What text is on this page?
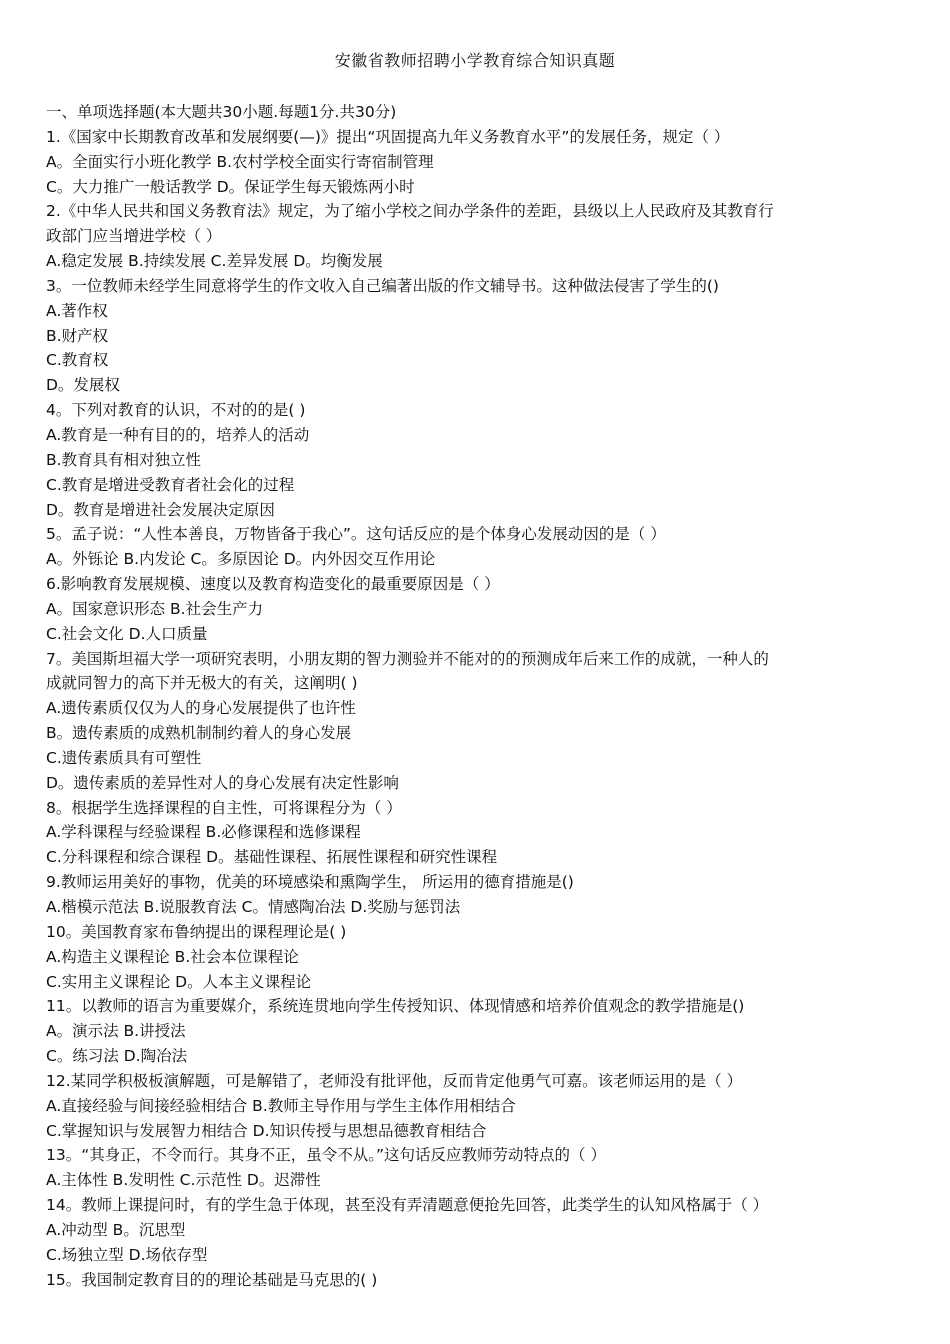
安徽省教师招聘小学教育综合知识真题
一、单项选择题(本大题共30小题.每题1分.共30分)
1.《国家中长期教育改革和发展纲要(—)》提出“巩固提高九年义务教育水平”的发展任务，规定（ ）
A。全面实行小班化教学 B.农村学校全面实行寄宿制管理
C。大力推广一般话教学 D。保证学生每天锻炼两小时
2.《中华人民共和国义务教育法》规定，为了缩小学校之间办学条件的差距，县级以上人民政府及其教育行
政部门应当增进学校（ ）
A.稳定发展 B.持续发展 C.差异发展 D。均衡发展
3。一位教师未经学生同意将学生的作文收入自己编著出版的作文辅导书。这种做法侵害了学生的()
A.著作权
B.财产权
C.教育权
D。发展权
4。下列对教育的认识，不对的的是( )
A.教育是一种有目的的，培养人的活动
B.教育具有相对独立性
C.教育是增进受教育者社会化的过程
D。教育是增进社会发展决定原因
5。孟子说：“人性本善良，万物皆备于我心”。这句话反应的是个体身心发展动因的是（ ）
A。外铄论 B.内发论 C。多原因论 D。内外因交互作用论
6.影响教育发展规模、速度以及教育构造变化的最重要原因是（ ）
A。国家意识形态 B.社会生产力
C.社会文化 D.人口质量
7。美国斯坦福大学一项研究表明，小朋友期的智力测验并不能对的的预测成年后来工作的成就，一种人的
成就同智力的高下并无极大的有关，这阐明( )
A.遗传素质仅仅为人的身心发展提供了也许性
B。遗传素质的成熟机制制约着人的身心发展
C.遗传素质具有可塑性
D。遗传素质的差异性对人的身心发展有决定性影响
8。根据学生选择课程的自主性，可将课程分为（ ）
A.学科课程与经验课程 B.必修课程和选修课程
C.分科课程和综合课程 D。基础性课程、拓展性课程和研究性课程
9.教师运用美好的事物，优美的环境感染和熏陶学生， 所运用的德育措施是()
A.楷模示范法 B.说服教育法 C。情感陶冶法 D.奖励与惩罚法
10。美国教育家布鲁纳提出的课程理论是( )
A.构造主义课程论 B.社会本位课程论
C.实用主义课程论 D。人本主义课程论
11。以教师的语言为重要媒介，系统连贯地向学生传授知识、体现情感和培养价值观念的教学措施是()
A。演示法 B.讲授法
C。练习法 D.陶冶法
12.某同学积极板演解题，可是解错了，老师没有批评他，反而肯定他勇气可嘉。该老师运用的是（ ）
A.直接经验与间接经验相结合 B.教师主导作用与学生主体作用相结合
C.掌握知识与发展智力相结合 D.知识传授与思想品德教育相结合
13。“其身正，不令而行。其身不正，虽令不从。”这句话反应教师劳动特点的（ ）
A.主体性 B.发明性 C.示范性 D。迟滞性
14。教师上课提问时，有的学生急于体现，甚至没有弄清题意便抢先回答，此类学生的认知风格属于（ ）
A.冲动型 B。沉思型
C.场独立型 D.场依存型
15。我国制定教育目的的理论基础是马克思的( )
